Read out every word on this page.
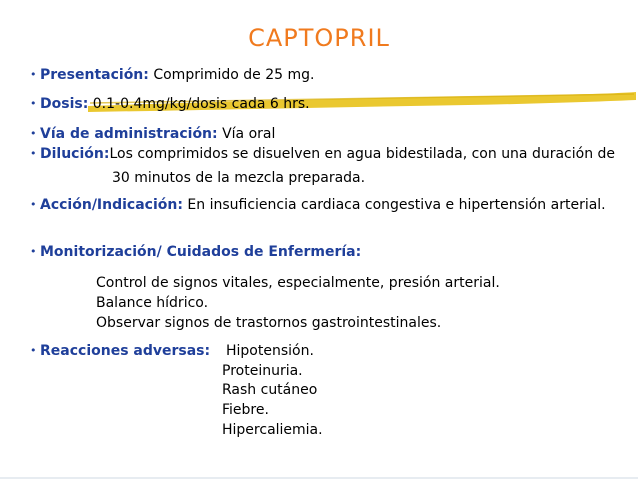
CAPTOPRIL
• Presentación: Comprimido de 25 mg.
• Dosis: 0.1-0.4mg/kg/dosis cada 6 hrs.
• Vía de administración: Vía oral
• Dilución:Los comprimidos se disuelven en agua bidestilada, con una duración de
30 minutos de la mezcla preparada.
• Acción/Indicación: En insuficiencia cardiaca congestiva e hipertensión arterial.
• Monitorización/ Cuidados de Enfermería:
Control de signos vitales, especialmente, presión arterial.
Balance hídrico.
Observar signos de trastornos gastrointestinales.
• Reacciones adversas: Hipotensión.
Proteinuria.
Rash cutáneo
Fiebre.
Hipercaliemia.
